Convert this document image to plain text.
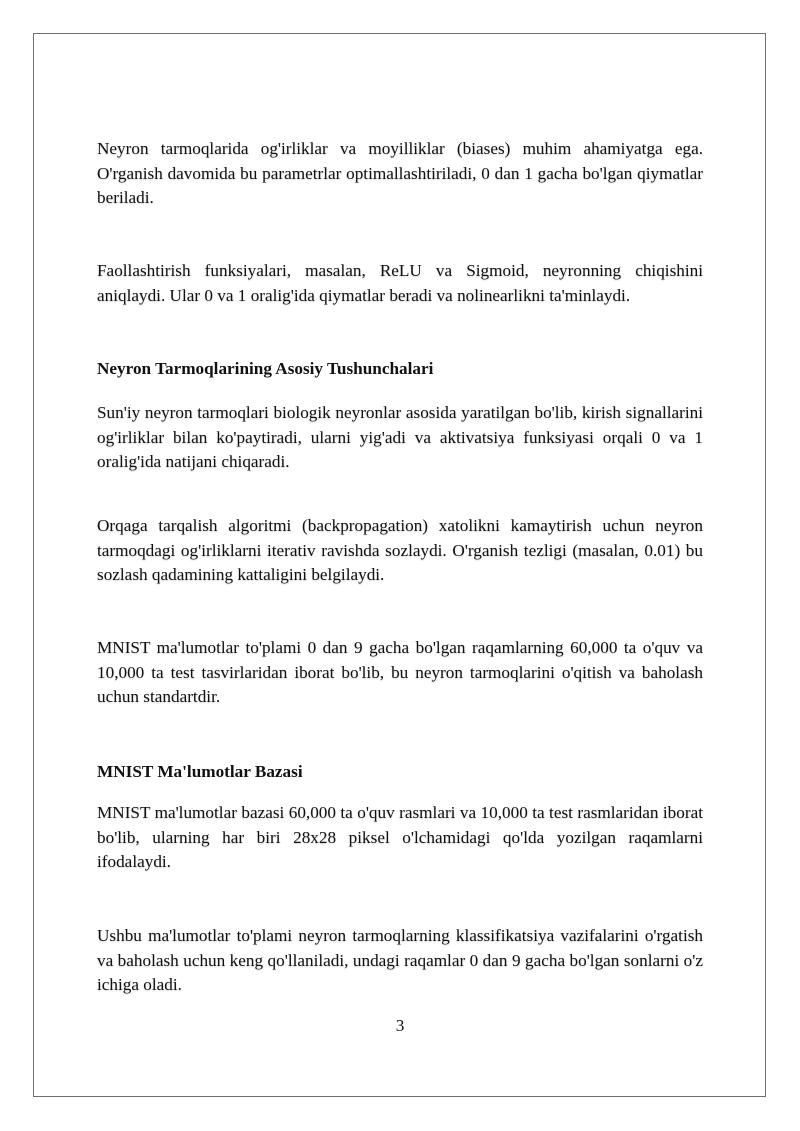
Neyron tarmoqlarida og'irliklar va moyilliklar (biases) muhim ahamiyatga ega. O'rganish davomida bu parametrlar optimallashtiriladi, 0 dan 1 gacha bo'lgan qiymatlar beriladi.

Faollashtirish funksiyalari, masalan, ReLU va Sigmoid, neyronning chiqishini aniqlaydi. Ular 0 va 1 oralig'ida qiymatlar beradi va nolinearlikni ta'minlaydi.

Neyron Tarmoqlarining Asosiy Tushunchalari

Sun'iy neyron tarmoqlari biologik neyronlar asosida yaratilgan bo'lib, kirish signallarini og'irliklar bilan ko'paytiradi, ularni yig'adi va aktivatsiya funksiyasi orqali 0 va 1 oralig'ida natijani chiqaradi.

Orqaga tarqalish algoritmi (backpropagation) xatolikni kamaytirish uchun neyron tarmoqdagi og'irliklarni iterativ ravishda sozlaydi. O'rganish tezligi (masalan, 0.01) bu sozlash qadamining kattaligini belgilaydi.

MNIST ma'lumotlar to'plami 0 dan 9 gacha bo'lgan raqamlarning 60,000 ta o'quv va 10,000 ta test tasvirlaridan iborat bo'lib, bu neyron tarmoqlarini o'qitish va baholash uchun standartdir.

MNIST Ma'lumotlar Bazasi

MNIST ma'lumotlar bazasi 60,000 ta o'quv rasmlari va 10,000 ta test rasmlaridan iborat bo'lib, ularning har biri 28x28 piksel o'lchamidagi qo'lda yozilgan raqamlarni ifodalaydi.

Ushbu ma'lumotlar to'plami neyron tarmoqlarning klassifikatsiya vazifalarini o'rgatish va baholash uchun keng qo'llaniladi, undagi raqamlar 0 dan 9 gacha bo'lgan sonlarni o'z ichiga oladi.

3
